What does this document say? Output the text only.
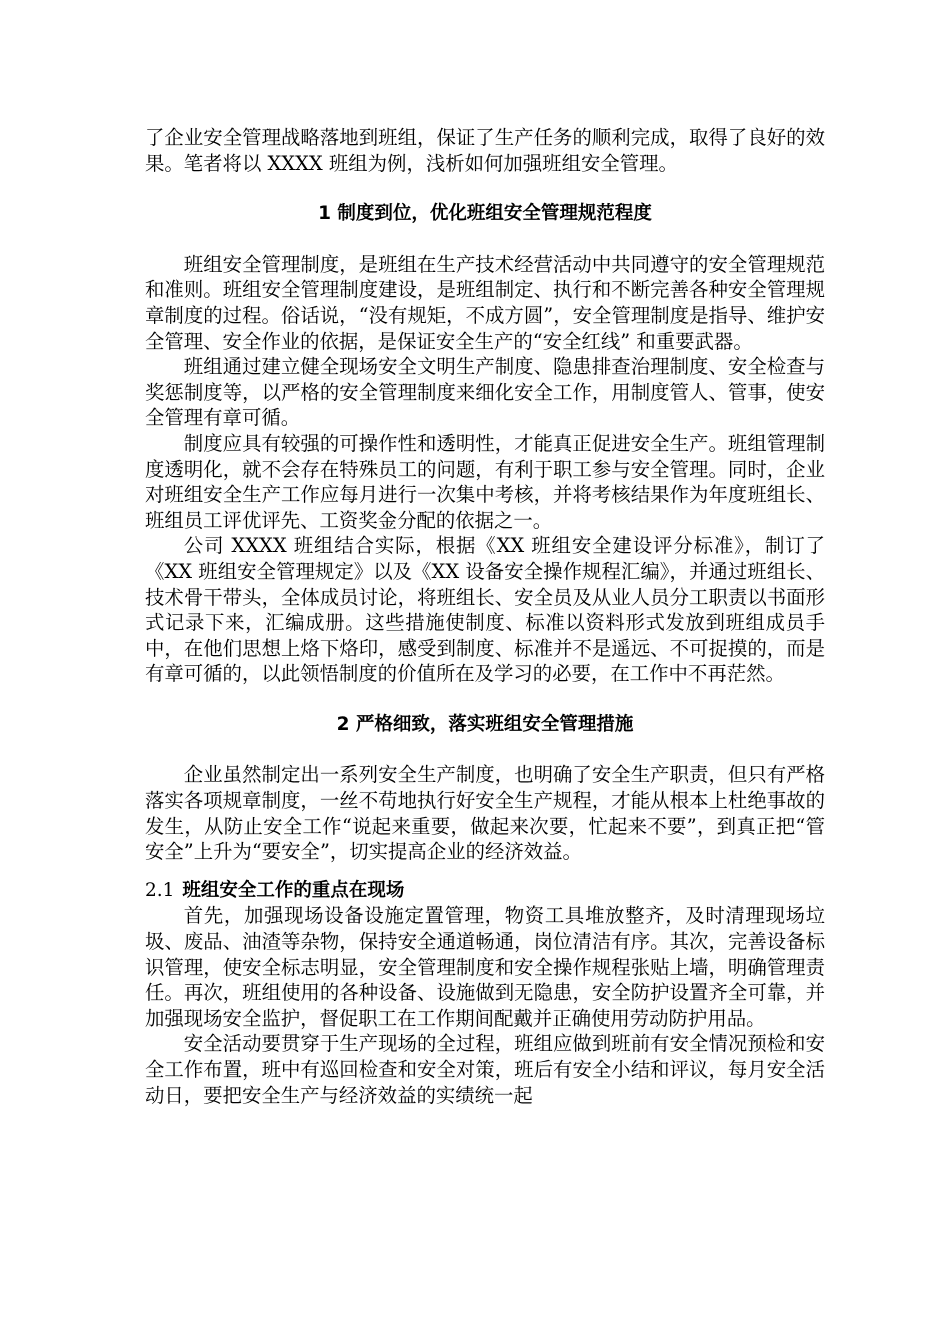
了企业安全管理战略落地到班组，保证了生产任务的顺利完成，取得了良好的效果。笔者将以 XXXX 班组为例，浅析如何加强班组安全管理。

1 制度到位，优化班组安全管理规范程度

班组安全管理制度，是班组在生产技术经营活动中共同遵守的安全管理规范和准则。班组安全管理制度建设，是班组制定、执行和不断完善各种安全管理规章制度的过程。俗话说，“没有规矩，不成方圆”，安全管理制度是指导、维护安全管理、安全作业的依据，是保证安全生产的“安全红线” 和重要武器。

班组通过建立健全现场安全文明生产制度、隐患排查治理制度、安全检查与奖惩制度等，以严格的安全管理制度来细化安全工作，用制度管人、管事，使安全管理有章可循。

制度应具有较强的可操作性和透明性，才能真正促进安全生产。班组管理制度透明化，就不会存在特殊员工的问题，有利于职工参与安全管理。同时，企业对班组安全生产工作应每月进行一次集中考核，并将考核结果作为年度班组长、班组员工评优评先、工资奖金分配的依据之一。

公司 XXXX 班组结合实际，根据《XX 班组安全建设评分标准》，制订了《XX 班组安全管理规定》以及《XX 设备安全操作规程汇编》，并通过班组长、技术骨干带头，全体成员讨论，将班组长、安全员及从业人员分工职责以书面形式记录下来，汇编成册。这些措施使制度、标准以资料形式发放到班组成员手中，在他们思想上烙下烙印，感受到制度、标准并不是遥远、不可捉摸的，而是有章可循的，以此领悟制度的价值所在及学习的必要，在工作中不再茫然。

2 严格细致，落实班组安全管理措施

企业虽然制定出一系列安全生产制度，也明确了安全生产职责，但只有严格落实各项规章制度，一丝不苟地执行好安全生产规程，才能从根本上杜绝事故的发生，从防止安全工作“说起来重要，做起来次要，忙起来不要”，到真正把“管安全”上升为“要安全”，切实提高企业的经济效益。

2.1 班组安全工作的重点在现场

首先，加强现场设备设施定置管理，物资工具堆放整齐，及时清理现场垃圾、废品、油渣等杂物，保持安全通道畅通，岗位清洁有序。其次，完善设备标识管理，使安全标志明显，安全管理制度和安全操作规程张贴上墙，明确管理责任。再次，班组使用的各种设备、设施做到无隐患，安全防护设置齐全可靠，并加强现场安全监护，督促职工在工作期间配戴并正确使用劳动防护用品。

安全活动要贯穿于生产现场的全过程，班组应做到班前有安全情况预检和安全工作布置，班中有巡回检查和安全对策，班后有安全小结和评议，每月安全活动日，要把安全生产与经济效益的实绩统一起
